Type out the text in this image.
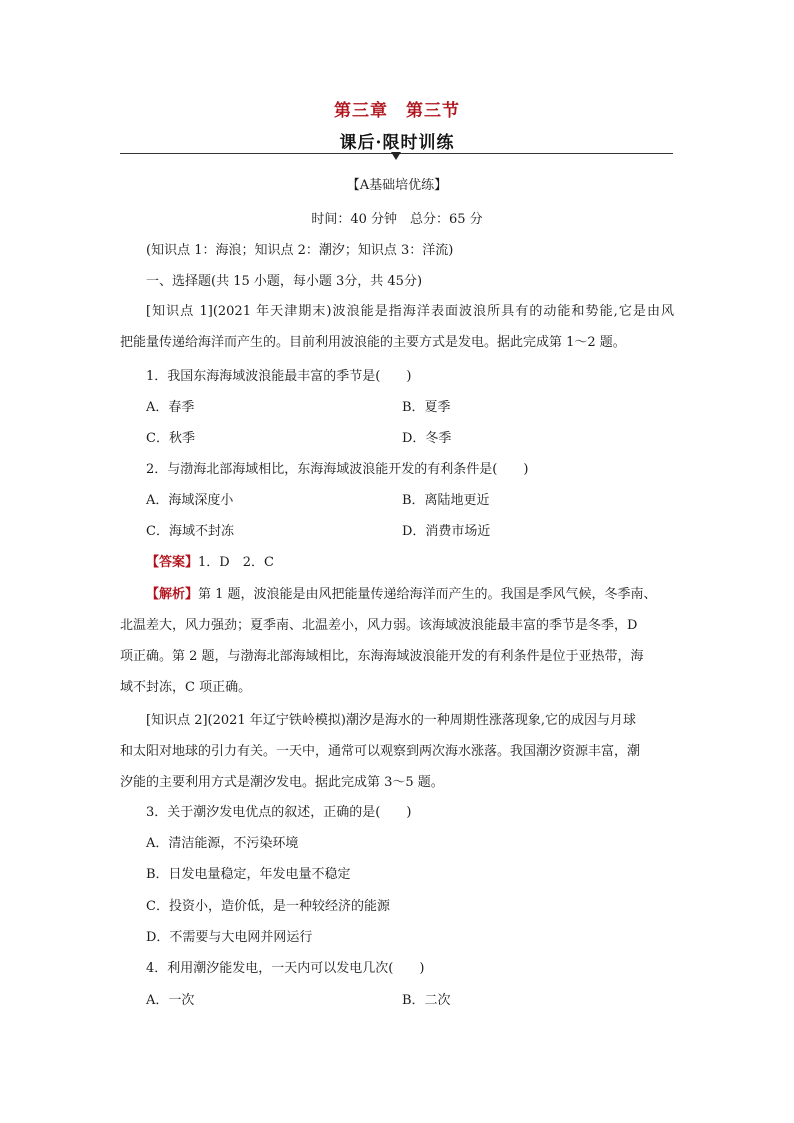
第三章　第三节
课后·限时训练
【A基础培优练】
时间：40 分钟　总分：65 分
(知识点 1：海浪；知识点 2：潮汐；知识点 3：洋流)
一、选择题(共 15 小题，每小题 3分，共 45分)
[知识点 1](2021 年天津期末)波浪能是指海洋表面波浪所具有的动能和势能,它是由风
把能量传递给海洋而产生的。目前利用波浪能的主要方式是发电。据此完成第 1～2 题。
1．我国东海海域波浪能最丰富的季节是(　　)
A．春季	B．夏季
C．秋季	D．冬季
2．与渤海北部海域相比，东海海域波浪能开发的有利条件是(　　)
A．海域深度小	B．离陆地更近
C．海域不封冻	D．消费市场近
【答案】1．D　2．C
【解析】第 1 题，波浪能是由风把能量传递给海洋而产生的。我国是季风气候，冬季南、
北温差大，风力强劲；夏季南、北温差小，风力弱。该海域波浪能最丰富的季节是冬季，D
项正确。第 2 题，与渤海北部海域相比，东海海域波浪能开发的有利条件是位于亚热带，海
域不封冻，C 项正确。
[知识点 2](2021 年辽宁铁岭模拟)潮汐是海水的一种周期性涨落现象,它的成因与月球
和太阳对地球的引力有关。一天中，通常可以观察到两次海水涨落。我国潮汐资源丰富，潮
汐能的主要利用方式是潮汐发电。据此完成第 3～5 题。
3．关于潮汐发电优点的叙述，正确的是(　　)
A．清洁能源，不污染环境
B．日发电量稳定，年发电量不稳定
C．投资小，造价低，是一种较经济的能源
D．不需要与大电网并网运行
4．利用潮汐能发电，一天内可以发电几次(　　)
A．一次	B．二次
